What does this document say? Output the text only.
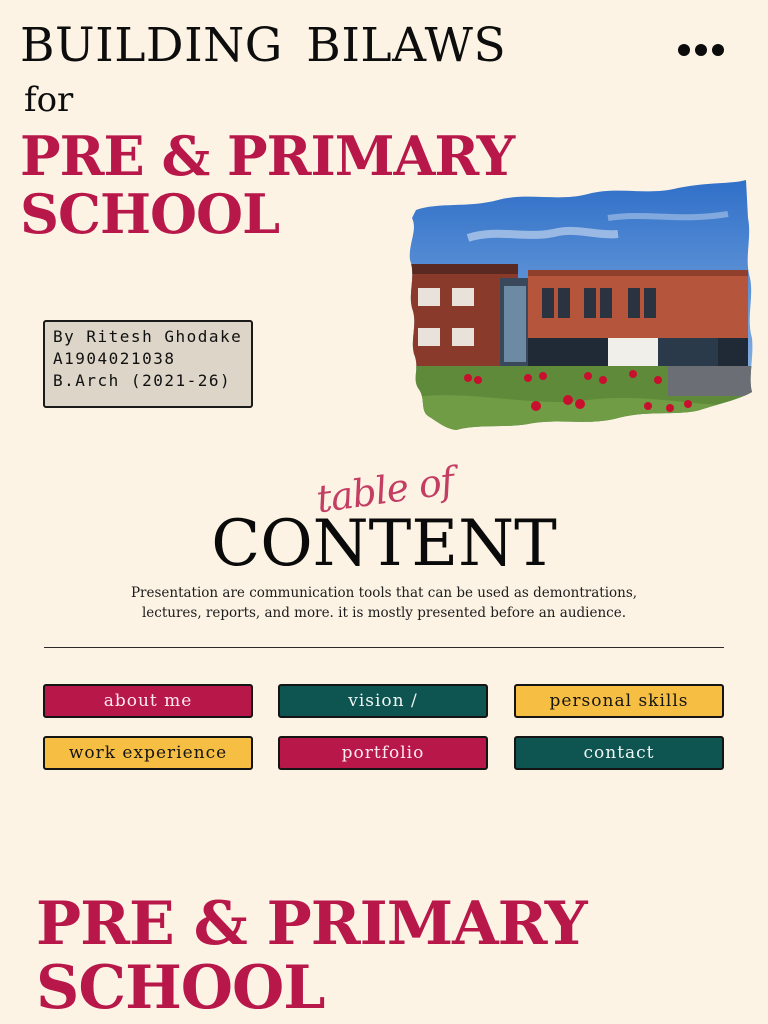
BUILDING BILAWS
for
PRE & PRIMARY
SCHOOL
By Ritesh Ghodake
A1904021038
B.Arch (2021-26)
table of
CONTENT
Presentation are communication tools that can be used as demontrations, lectures, reports, and more. it is mostly presented before an audience.
about me	vision /	personal skills
work experience	portfolio	contact
PRE & PRIMARY
SCHOOL
